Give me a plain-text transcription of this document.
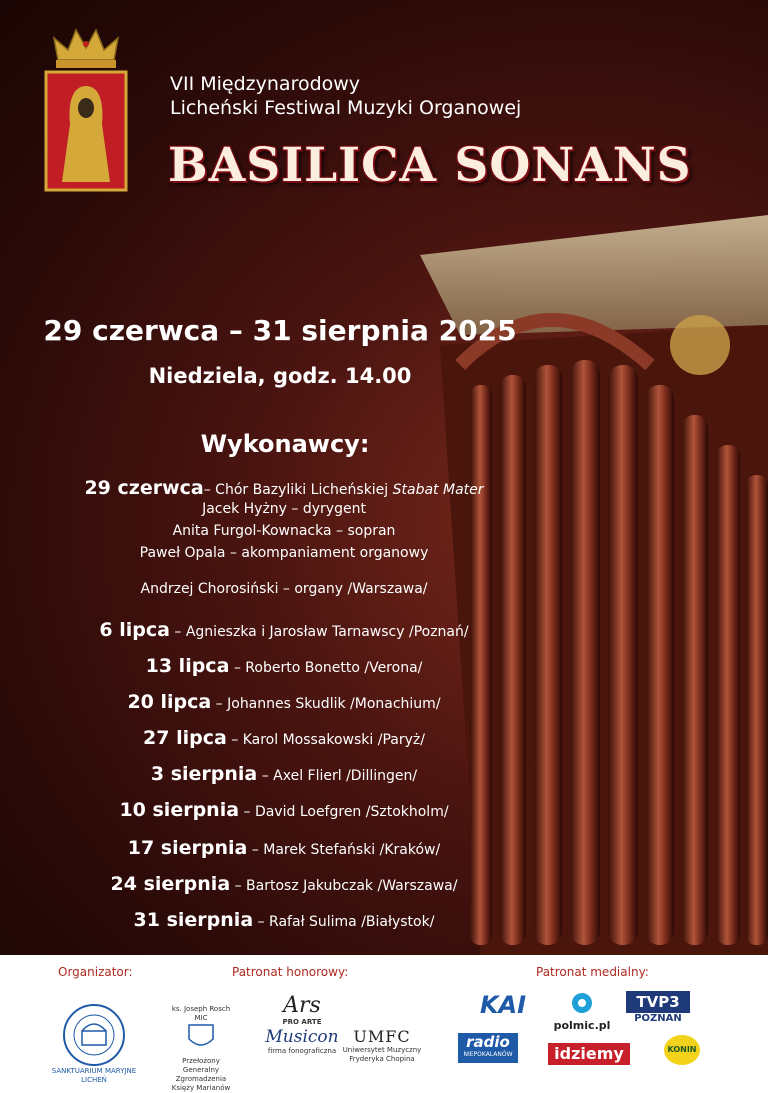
VII Międzynarodowy
Licheński Festiwal Muzyki Organowej
BASILICA SONANS
29 czerwca – 31 sierpnia 2025
Niedziela, godz. 14.00
Wykonawcy:
29 czerwca– Chór Bazyliki Licheńskiej Stabat Mater
Jacek Hyżny – dyrygent
Anita Furgol-Kownacka – sopran
Paweł Opala – akompaniament organowy
Andrzej Chorosiński – organy /Warszawa/
6 lipca – Agnieszka i Jarosław Tarnawscy /Poznań/
13 lipca – Roberto Bonetto /Verona/
20 lipca – Johannes Skudlik /Monachium/
27 lipca – Karol Mossakowski /Paryż/
3 sierpnia – Axel Flierl /Dillingen/
10 sierpnia – David Loefgren /Sztokholm/
17 sierpnia – Marek Stefański /Kraków/
24 sierpnia – Bartosz Jakubczak /Warszawa/
31 sierpnia – Rafał Sulima /Białystok/
Organizator:	Patronat honorowy:	Patronat medialny:
SANKTUARIUM MARYJNE LICHEŃ
ks. Joseph Rosch MIC
Przełożony Generalny Zgromadzenia Księży Marianów
Ars
PRO ARTE
Musicon
firma fonograficzna
UMFC
Uniwersytet Muzyczny Fryderyka Chopina
KAI
polmic.pl
TVP3
POZNAŃ
radio
NIEPOKALANÓW	idziemy	KONIN
